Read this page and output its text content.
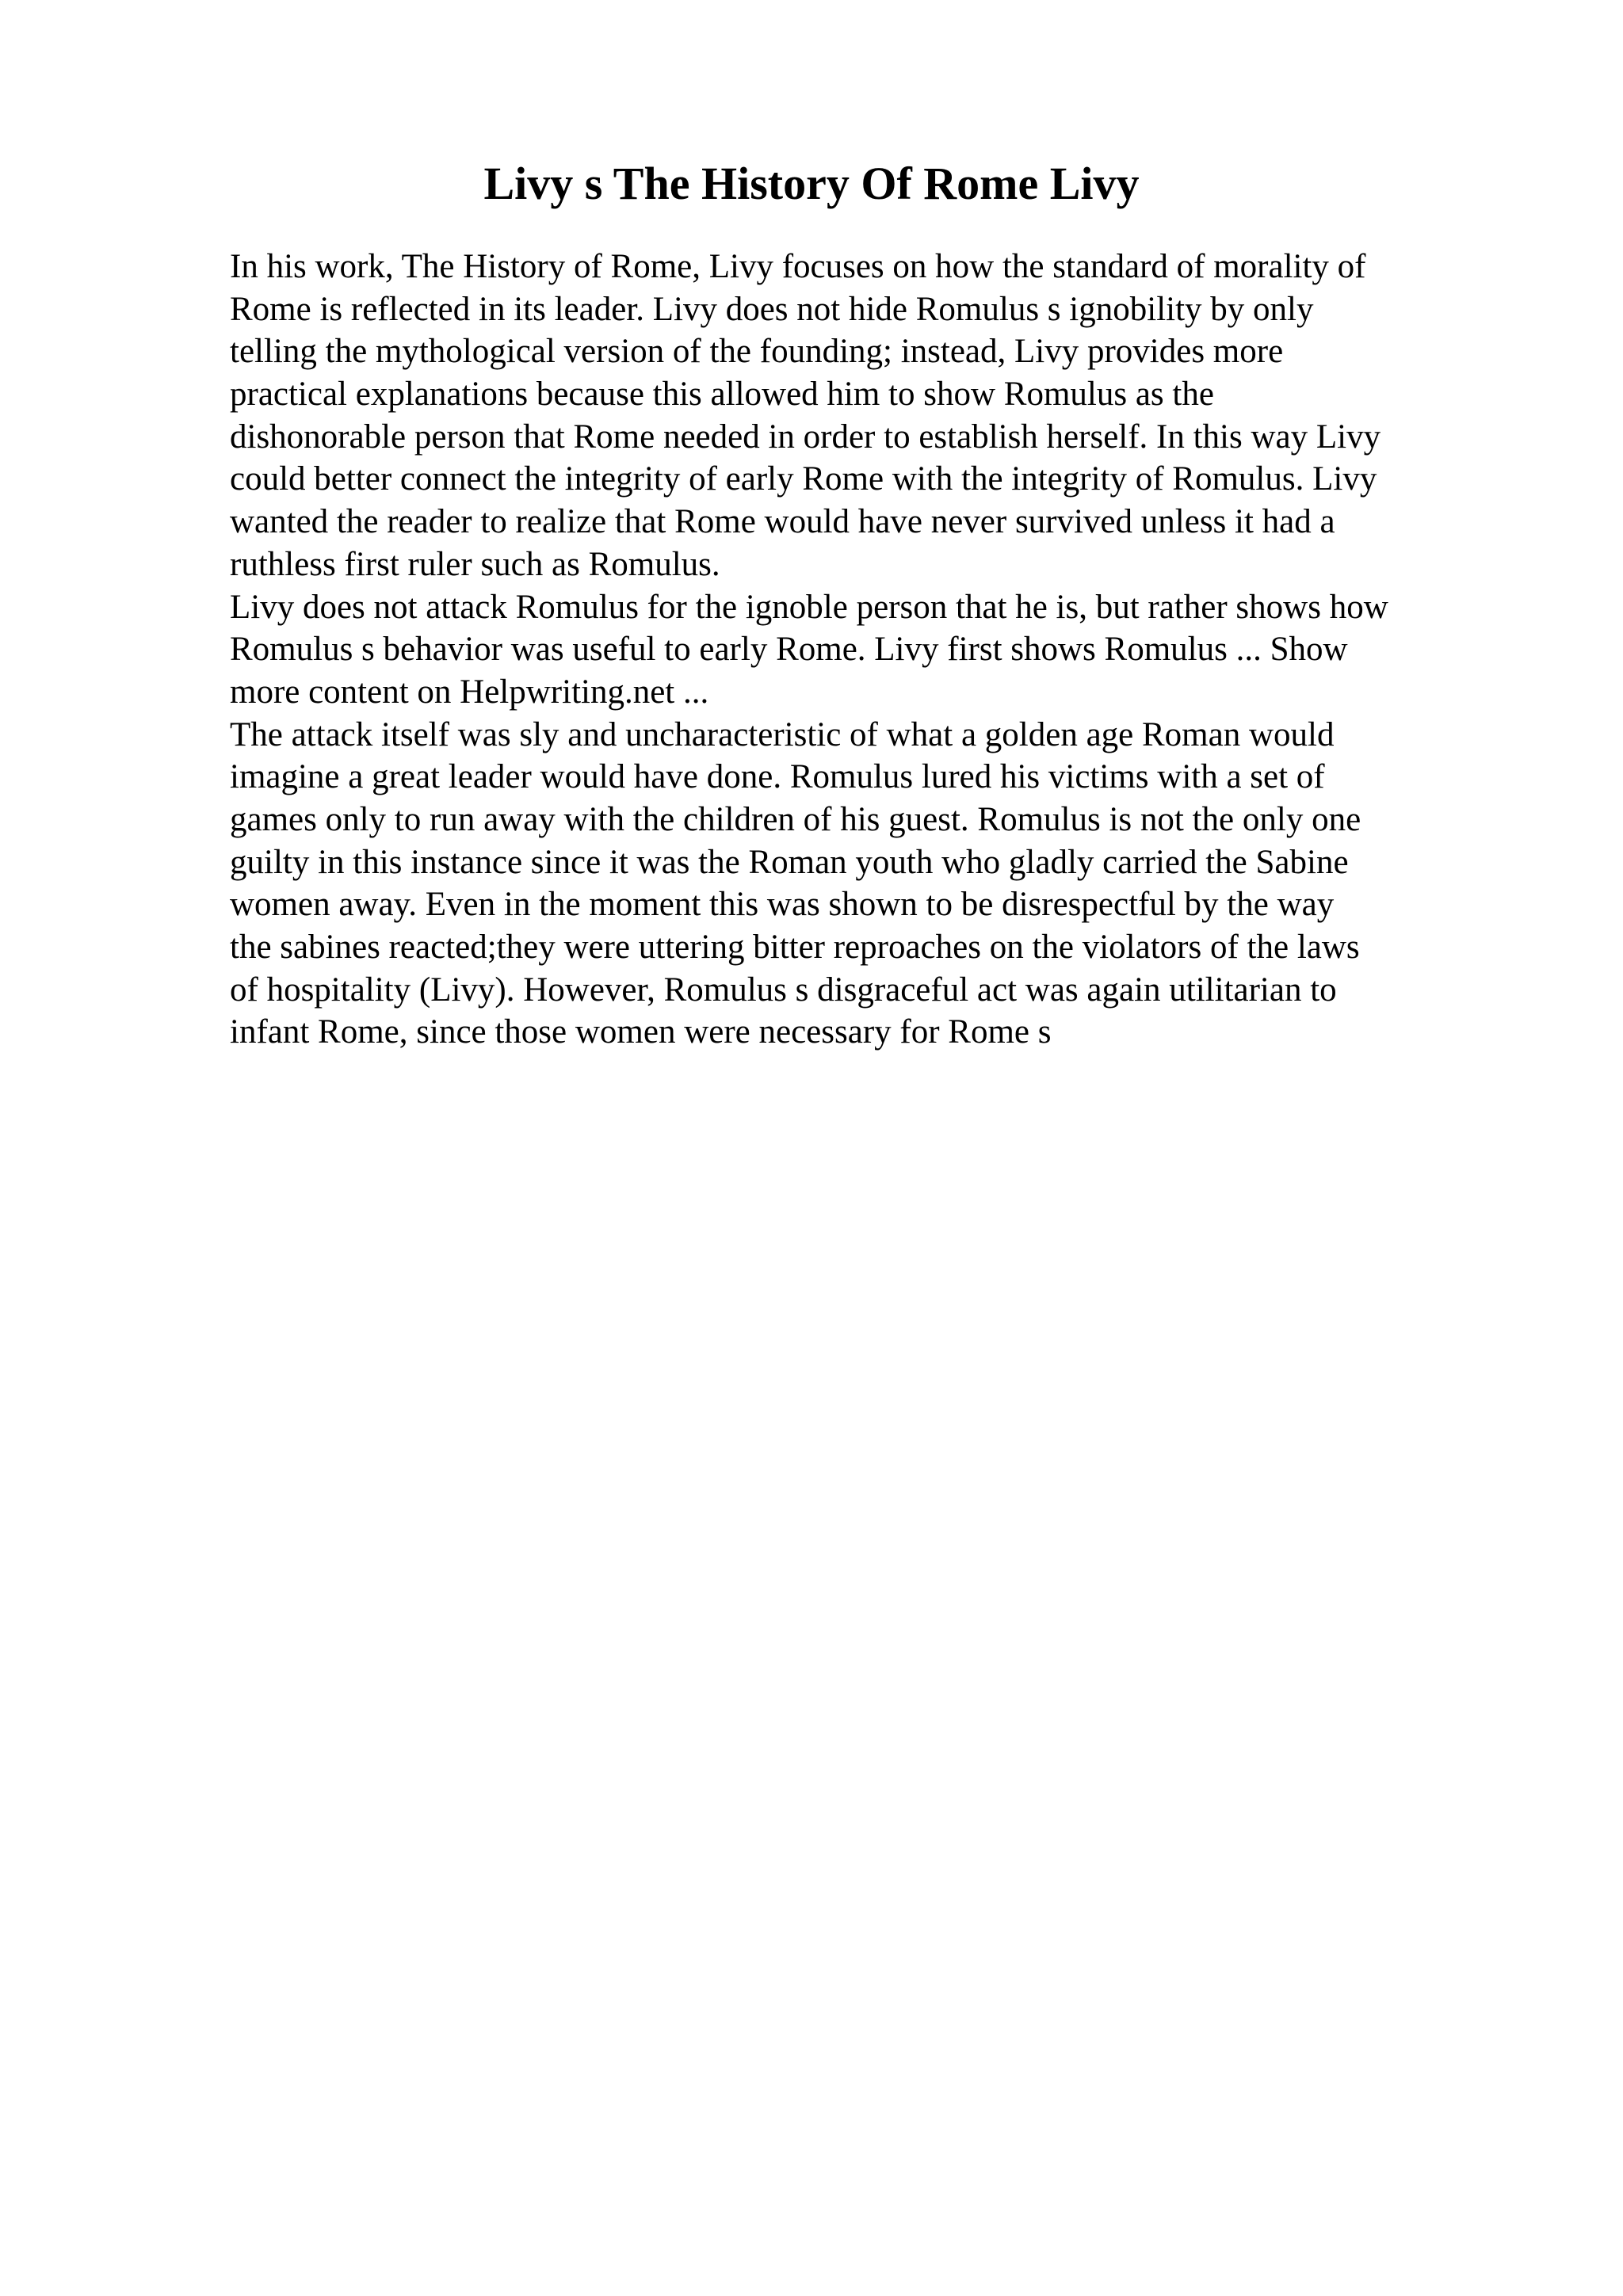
Livy s The History Of Rome Livy
In his work, The History of Rome, Livy focuses on how the standard of morality of
Rome is reflected in its leader. Livy does not hide Romulus s ignobility by only
telling the mythological version of the founding; instead, Livy provides more
practical explanations because this allowed him to show Romulus as the
dishonorable person that Rome needed in order to establish herself. In this way Livy
could better connect the integrity of early Rome with the integrity of Romulus. Livy
wanted the reader to realize that Rome would have never survived unless it had a
ruthless first ruler such as Romulus.
Livy does not attack Romulus for the ignoble person that he is, but rather shows how
Romulus s behavior was useful to early Rome. Livy first shows Romulus ... Show
more content on Helpwriting.net ...
The attack itself was sly and uncharacteristic of what a golden age Roman would
imagine a great leader would have done. Romulus lured his victims with a set of
games only to run away with the children of his guest. Romulus is not the only one
guilty in this instance since it was the Roman youth who gladly carried the Sabine
women away. Even in the moment this was shown to be disrespectful by the way
the sabines reacted;they were uttering bitter reproaches on the violators of the laws
of hospitality (Livy). However, Romulus s disgraceful act was again utilitarian to
infant Rome, since those women were necessary for Rome s
